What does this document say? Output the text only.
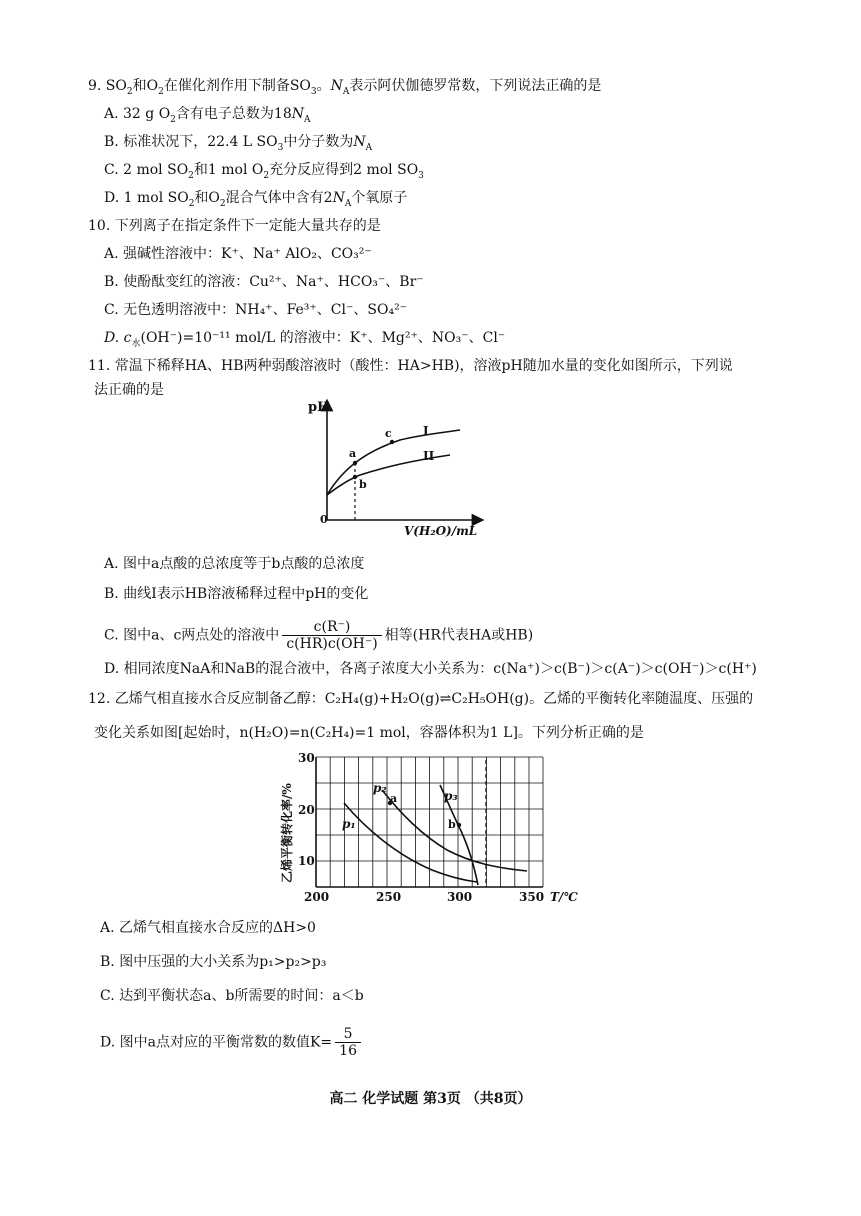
9. $SO_2$和$O_2$在催化剂作用下制备$SO_3$。$N_A$表示阿伏伽德罗常数，下列说法正确的是
A. 32 g $O_2$含有电子总数为$18N_A$
B. 标准状况下，22.4 L $SO_3$中分子数为$N_A$
C. 2 mol $SO_2$和1 mol $O_2$充分反应得到2 mol $SO_3$
D. 1 mol $SO_2$和$O_2$混合气体中含有$2N_A$个氧原子
10. 下列离子在指定条件下一定能大量共存的是
A. 强碱性溶液中：K⁺、Na⁺ AlO₂、CO₃²⁻
B. 使酚酞变红的溶液：Cu²⁺、Na⁺、HCO₃⁻、Br⁻
C. 无色透明溶液中：NH₄⁺、Fe³⁺、Cl⁻、SO₄²⁻
D. $c_水(OH^-)=10^{-11}$ mol/L 的溶液中：K⁺、Mg²⁺、NO₃⁻、Cl⁻
11. 常温下稀释HA、HB两种弱酸溶液时（酸性：HA>HB)，溶液pH随加水量的变化如图所示，下列说
法正确的是
pH
V(H₂O)/mL
0
a
b
c	I
II
A. 图中a点酸的总浓度等于b点酸的总浓度
B. 曲线I表示HB溶液稀释过程中pH的变化
C. 图中a、c两点处的溶液中 $\frac{c(R^-)}{c(HR)c(OH^-)}$ 相等(HR代表HA或HB)
D. 相同浓度NaA和NaB的混合液中，各离子浓度大小关系为：c(Na⁺)＞c(B⁻)＞c(A⁻)＞c(OH⁻)＞c(H⁺)
12. 乙烯气相直接水合反应制备乙醇：C₂H₄(g)+H₂O(g)⇌C₂H₅OH(g)。乙烯的平衡转化率随温度、压强的
变化关系如图[起始时，n(H₂O)=n(C₂H₄)=1 mol，容器体积为1 L]。下列分析正确的是
30
20
10
200	250	300	350 T/℃
乙烯平衡转化率/%	p₁
p₂
p₃
a
b
A. 乙烯气相直接水合反应的ΔH>0
B. 图中压强的大小关系为p₁>p₂>p₃
C. 达到平衡状态a、b所需要的时间：a＜b
D. 图中a点对应的平衡常数的数值$K= \frac{5}{16}$
高二 化学试题 第3页 （共8页）
